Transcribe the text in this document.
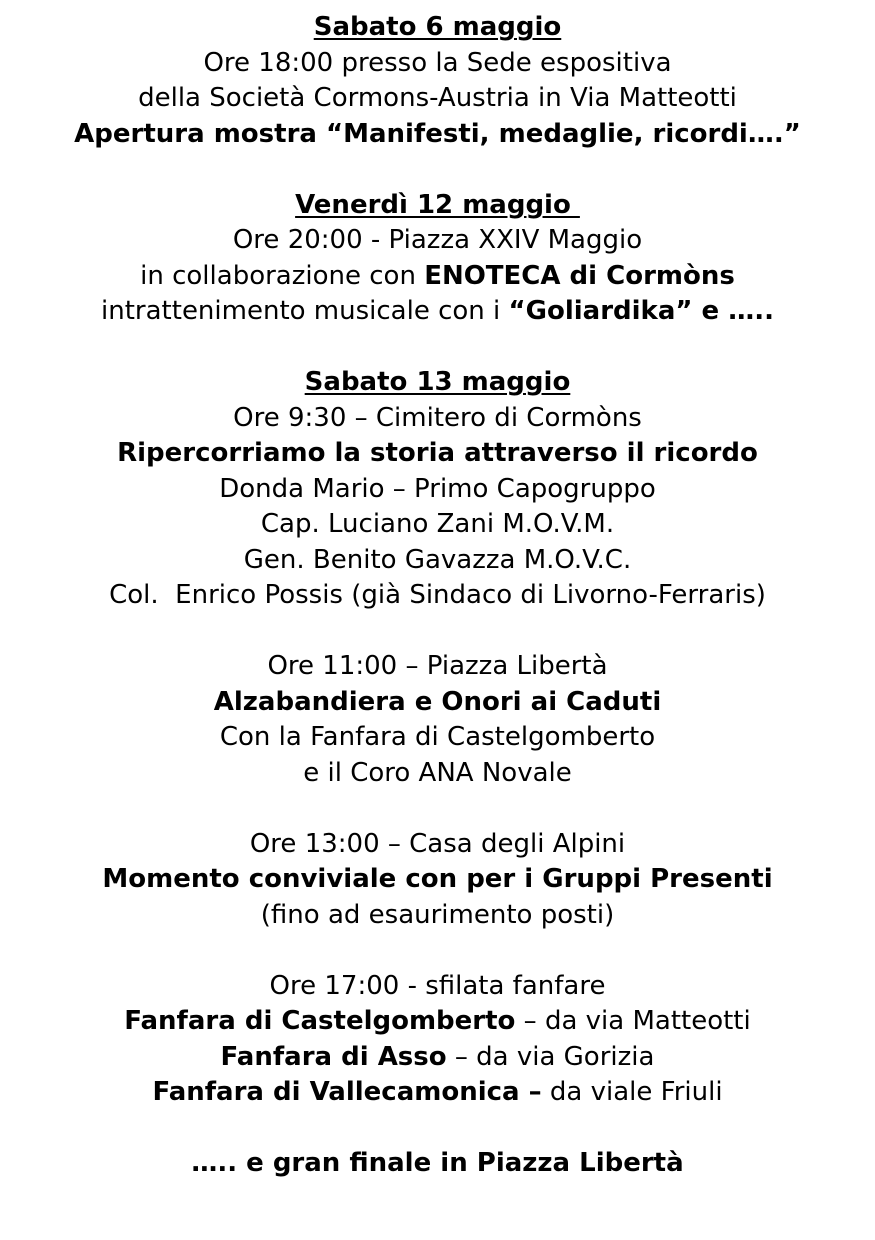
Sabato 6 maggio
Ore 18:00 presso la Sede espositiva
della Società Cormons-Austria in Via Matteotti
Apertura mostra “Manifesti, medaglie, ricordi….”
Venerdì 12 maggio
Ore 20:00 - Piazza XXIV Maggio
in collaborazione con ENOTECA di Cormòns
intrattenimento musicale con i “Goliardika” e …..
Sabato 13 maggio
Ore 9:30 – Cimitero di Cormòns
Ripercorriamo la storia attraverso il ricordo
Donda Mario – Primo Capogruppo
Cap. Luciano Zani M.O.V.M.
Gen. Benito Gavazza M.O.V.C.
Col.  Enrico Possis (già Sindaco di Livorno-Ferraris)
Ore 11:00 – Piazza Libertà
Alzabandiera e Onori ai Caduti
Con la Fanfara di Castelgomberto
e il Coro ANA Novale
Ore 13:00 – Casa degli Alpini
Momento conviviale con per i Gruppi Presenti
(fino ad esaurimento posti)
Ore 17:00 - sfilata fanfare
Fanfara di Castelgomberto – da via Matteotti
Fanfara di Asso – da via Gorizia
Fanfara di Vallecamonica – da viale Friuli
….. e gran finale in Piazza Libertà
